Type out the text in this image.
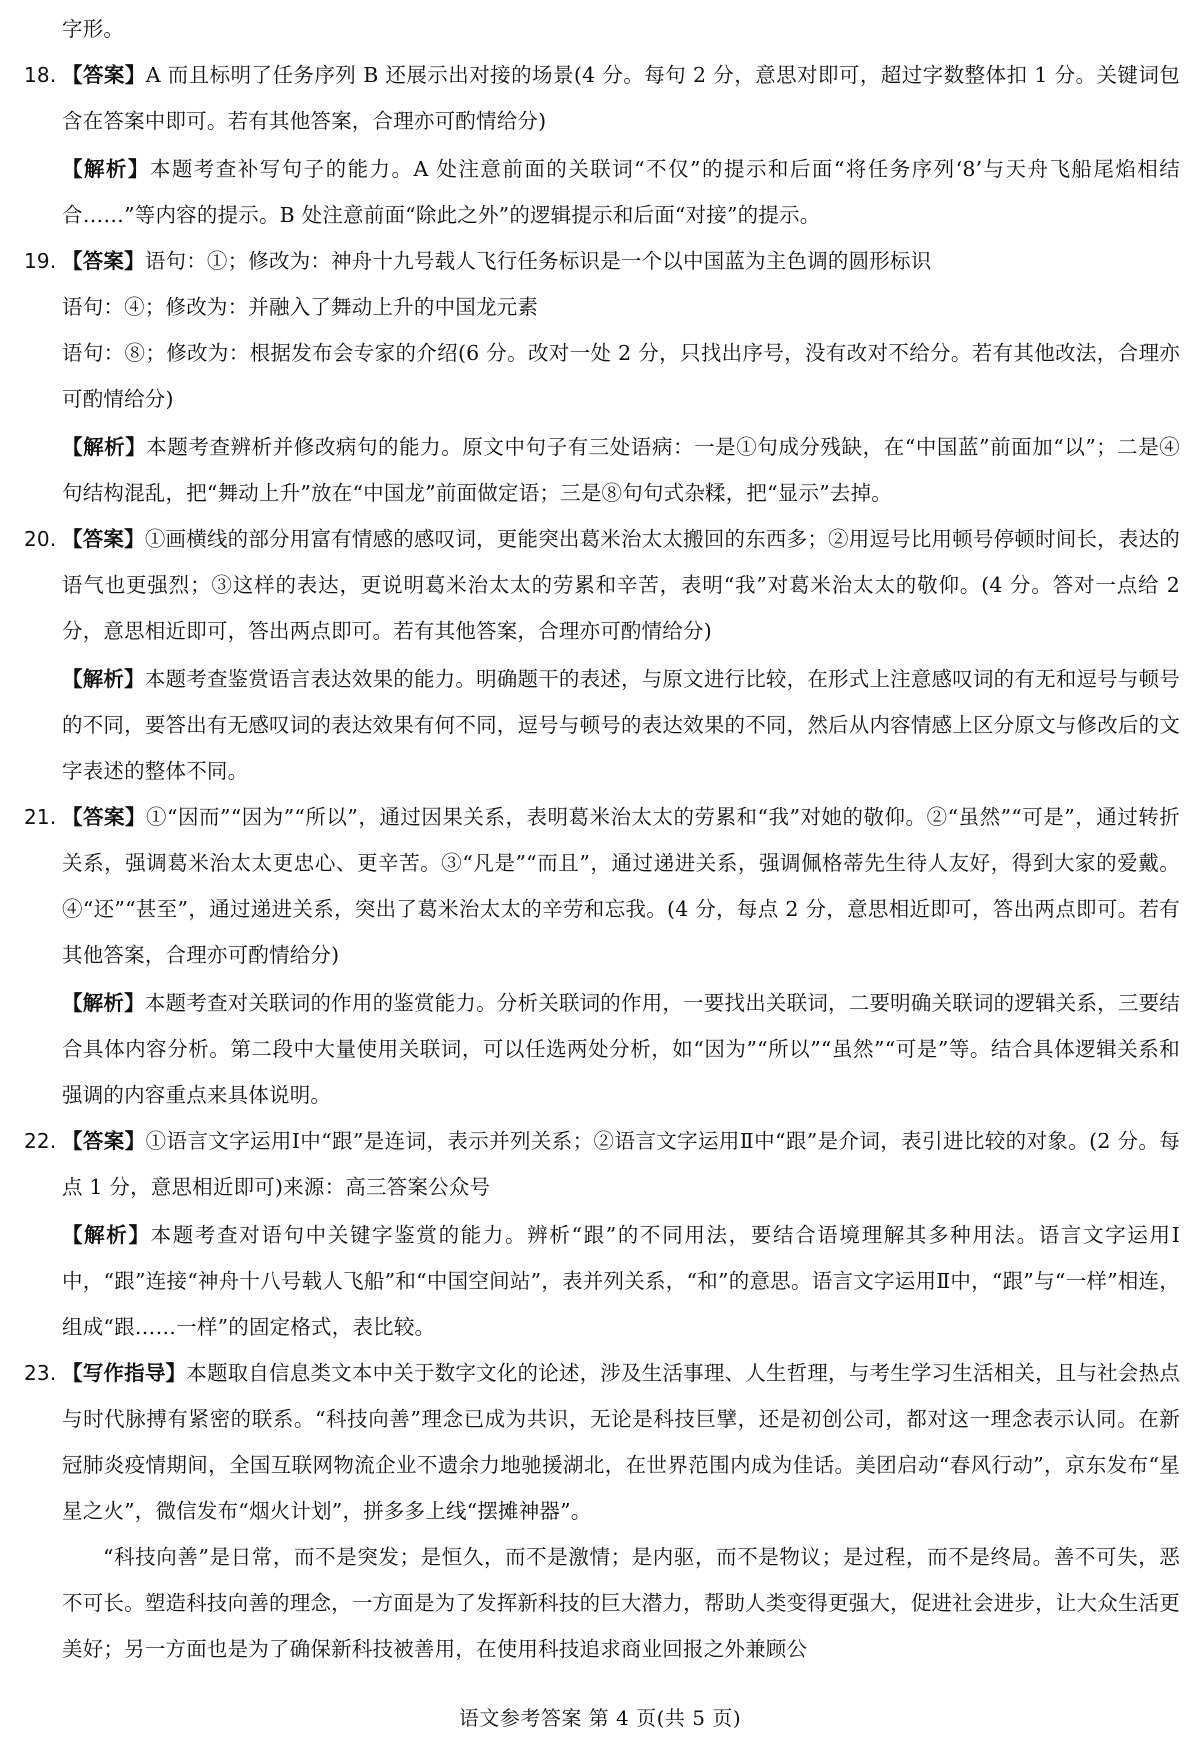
字形。
18. 【答案】A 而且标明了任务序列 B 还展示出对接的场景(4 分。每句 2 分，意思对即可，超过字数整体扣 1 分。关键词包含在答案中即可。若有其他答案，合理亦可酌情给分)
【解析】本题考查补写句子的能力。A 处注意前面的关联词“不仅”的提示和后面“将任务序列‘8’与天舟飞船尾焰相结合……”等内容的提示。B 处注意前面“除此之外”的逻辑提示和后面“对接”的提示。
19. 【答案】语句：①；修改为：神舟十九号载人飞行任务标识是一个以中国蓝为主色调的圆形标识
语句：④；修改为：并融入了舞动上升的中国龙元素
语句：⑧；修改为：根据发布会专家的介绍(6 分。改对一处 2 分，只找出序号，没有改对不给分。若有其他改法，合理亦可酌情给分)
【解析】本题考查辨析并修改病句的能力。原文中句子有三处语病：一是①句成分残缺，在“中国蓝”前面加“以”；二是④句结构混乱，把“舞动上升”放在“中国龙”前面做定语；三是⑧句句式杂糅，把“显示”去掉。
20. 【答案】①画横线的部分用富有情感的感叹词，更能突出葛米治太太搬回的东西多；②用逗号比用顿号停顿时间长，表达的语气也更强烈；③这样的表达，更说明葛米治太太的劳累和辛苦，表明“我”对葛米治太太的敬仰。(4 分。答对一点给 2 分，意思相近即可，答出两点即可。若有其他答案，合理亦可酌情给分)
【解析】本题考查鉴赏语言表达效果的能力。明确题干的表述，与原文进行比较，在形式上注意感叹词的有无和逗号与顿号的不同，要答出有无感叹词的表达效果有何不同，逗号与顿号的表达效果的不同，然后从内容情感上区分原文与修改后的文字表述的整体不同。
21. 【答案】①“因而”“因为”“所以”，通过因果关系，表明葛米治太太的劳累和“我”对她的敬仰。②“虽然”“可是”，通过转折关系，强调葛米治太太更忠心、更辛苦。③“凡是”“而且”，通过递进关系，强调佩格蒂先生待人友好，得到大家的爱戴。④“还”“甚至”，通过递进关系，突出了葛米治太太的辛劳和忘我。(4 分，每点 2 分，意思相近即可，答出两点即可。若有其他答案，合理亦可酌情给分)
【解析】本题考查对关联词的作用的鉴赏能力。分析关联词的作用，一要找出关联词，二要明确关联词的逻辑关系，三要结合具体内容分析。第二段中大量使用关联词，可以任选两处分析，如“因为”“所以”“虽然”“可是”等。结合具体逻辑关系和强调的内容重点来具体说明。
22. 【答案】①语言文字运用Ⅰ中“跟”是连词，表示并列关系；②语言文字运用Ⅱ中“跟”是介词，表引进比较的对象。(2 分。每点 1 分，意思相近即可)来源：高三答案公众号
【解析】本题考查对语句中关键字鉴赏的能力。辨析“跟”的不同用法，要结合语境理解其多种用法。语言文字运用Ⅰ中，“跟”连接“神舟十八号载人飞船”和“中国空间站”，表并列关系，“和”的意思。语言文字运用Ⅱ中，“跟”与“一样”相连，组成“跟……一样”的固定格式，表比较。
23. 【写作指导】本题取自信息类文本中关于数字文化的论述，涉及生活事理、人生哲理，与考生学习生活相关，且与社会热点与时代脉搏有紧密的联系。“科技向善”理念已成为共识，无论是科技巨擘，还是初创公司，都对这一理念表示认同。在新冠肺炎疫情期间，全国互联网物流企业不遗余力地驰援湖北，在世界范围内成为佳话。美团启动“春风行动”，京东发布“星星之火”，微信发布“烟火计划”，拼多多上线“摆摊神器”。
“科技向善”是日常，而不是突发；是恒久，而不是激情；是内驱，而不是物议；是过程，而不是终局。善不可失，恶不可长。塑造科技向善的理念，一方面是为了发挥新科技的巨大潜力，帮助人类变得更强大，促进社会进步，让大众生活更美好；另一方面也是为了确保新科技被善用，在使用科技追求商业回报之外兼顾公
语文参考答案 第 4 页(共 5 页)
